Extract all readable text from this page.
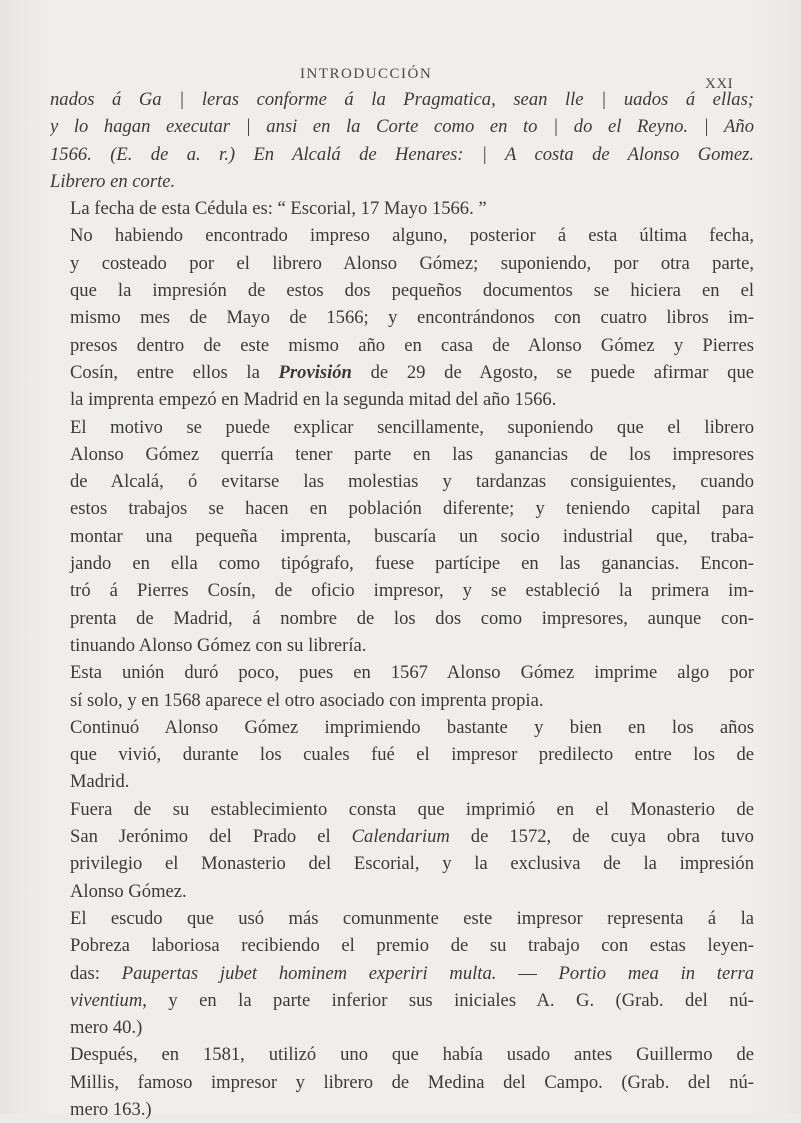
INTRODUCCIÓN
XXI

nados á Ga | leras conforme á la Pragmatica, sean lle | uados á ellas;
y lo hagan executar | ansi en la Corte como en to | do el Reyno. | Año
1566. (E. de a. r.) En Alcalá de Henares: | A costa de Alonso Gomez.
Librero en corte.

La fecha de esta Cédula es: “ Escorial, 17 Mayo 1566. ”

No habiendo encontrado impreso alguno, posterior á esta última fecha,
y costeado por el librero Alonso Gómez; suponiendo, por otra parte,
que la impresión de estos dos pequeños documentos se hiciera en el
mismo mes de Mayo de 1566; y encontrándonos con cuatro libros im-
presos dentro de este mismo año en casa de Alonso Gómez y Pierres
Cosín, entre ellos la Provisión de 29 de Agosto, se puede afirmar que
la imprenta empezó en Madrid en la segunda mitad del año 1566.

El motivo se puede explicar sencillamente, suponiendo que el librero
Alonso Gómez querría tener parte en las ganancias de los impresores
de Alcalá, ó evitarse las molestias y tardanzas consiguientes, cuando
estos trabajos se hacen en población diferente; y teniendo capital para
montar una pequeña imprenta, buscaría un socio industrial que, traba-
jando en ella como tipógrafo, fuese partícipe en las ganancias. Encon-
tró á Pierres Cosín, de oficio impresor, y se estableció la primera im-
prenta de Madrid, á nombre de los dos como impresores, aunque con-
tinuando Alonso Gómez con su librería.

Esta unión duró poco, pues en 1567 Alonso Gómez imprime algo por
sí solo, y en 1568 aparece el otro asociado con imprenta propia.

Continuó Alonso Gómez imprimiendo bastante y bien en los años
que vivió, durante los cuales fué el impresor predilecto entre los de
Madrid.

Fuera de su establecimiento consta que imprimió en el Monasterio de
San Jerónimo del Prado el Calendarium de 1572, de cuya obra tuvo
privilegio el Monasterio del Escorial, y la exclusiva de la impresión
Alonso Gómez.

El escudo que usó más comunmente este impresor representa á la
Pobreza laboriosa recibiendo el premio de su trabajo con estas leyen-
das: Paupertas jubet hominem experiri multa. — Portio mea in terra
viventium, y en la parte inferior sus iniciales A. G. (Grab. del nú-
mero 40.)

Después, en 1581, utilizó uno que había usado antes Guillermo de
Millis, famoso impresor y librero de Medina del Campo. (Grab. del nú-
mero 163.)
